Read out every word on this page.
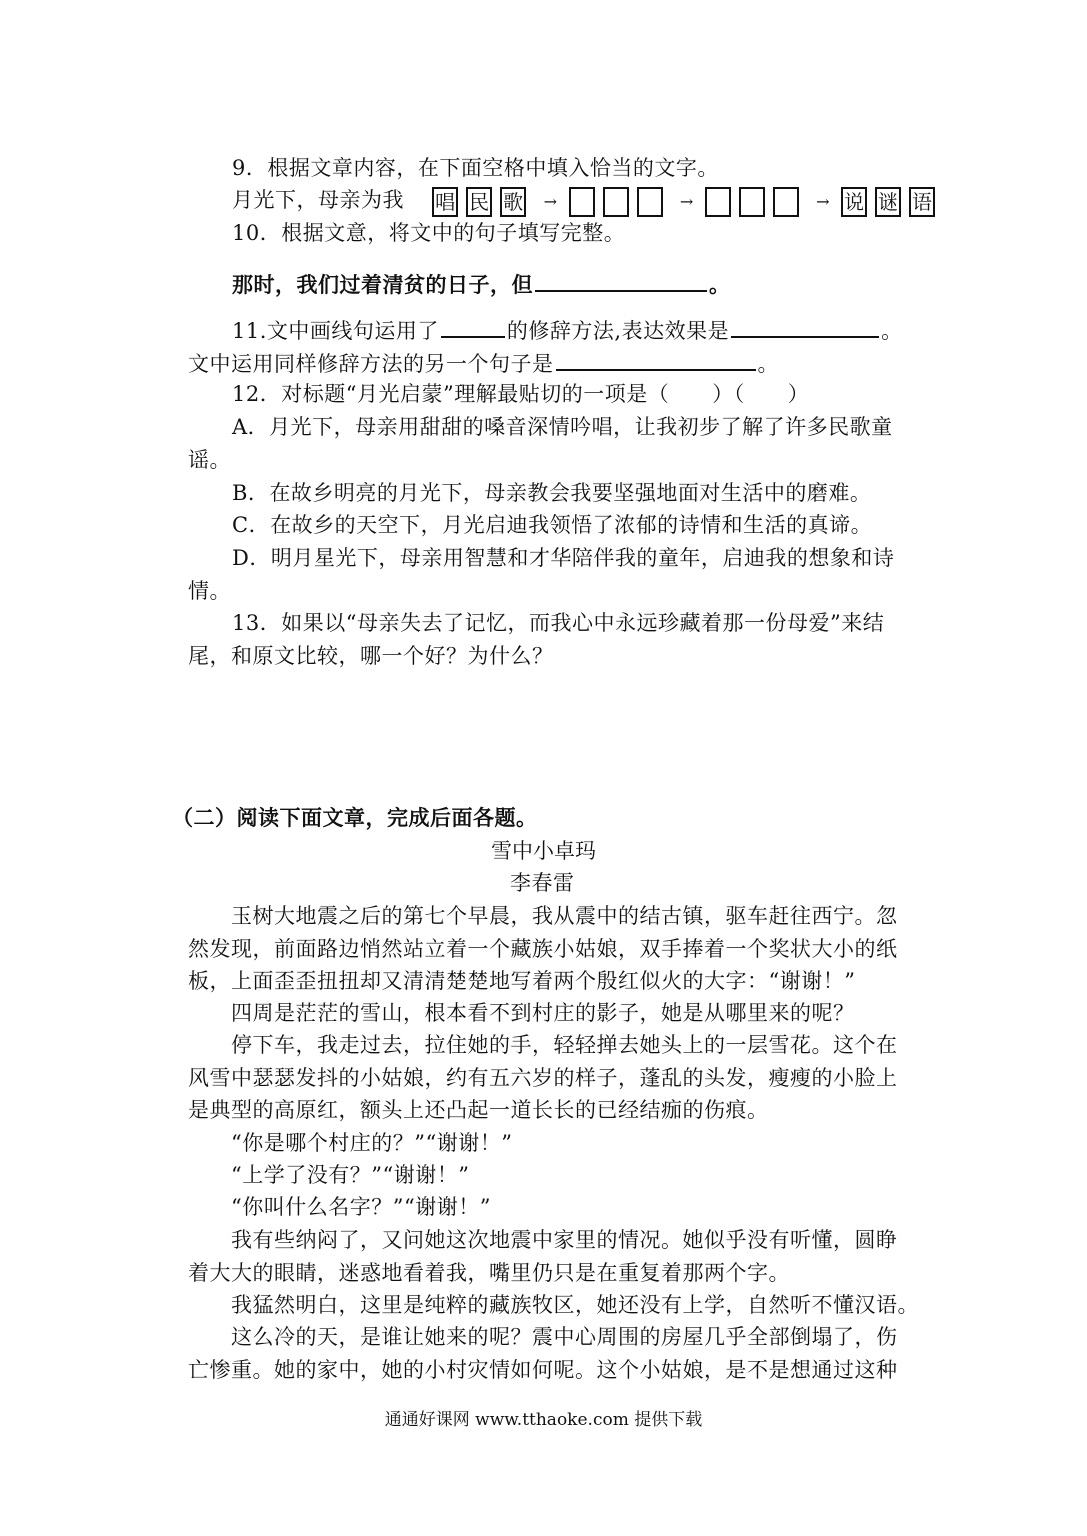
9．根据文章内容，在下面空格中填入恰当的文字。
月光下，母亲为我 唱 民 歌 →	→	→ 说 谜 语
10．根据文意，将文中的句子填写完整。
那时，我们过着清贫的日子，但	。
11.文中画线句运用了	的修辞方法,表达效果是	。
文中运用同样修辞方法的另一个句子是	。
12．对标题“月光启蒙”理解最贴切的一项是（　　）（　　）
A．月光下，母亲用甜甜的嗓音深情吟唱，让我初步了解了许多民歌童
谣。
B．在故乡明亮的月光下，母亲教会我要坚强地面对生活中的磨难。
C．在故乡的天空下，月光启迪我领悟了浓郁的诗情和生活的真谛。
D．明月星光下，母亲用智慧和才华陪伴我的童年，启迪我的想象和诗
情。
13．如果以“母亲失去了记忆，而我心中永远珍藏着那一份母爱”来结
尾，和原文比较，哪一个好？为什么？
（二）阅读下面文章，完成后面各题。
雪中小卓玛
李春雷
　　玉树大地震之后的第七个早晨，我从震中的结古镇，驱车赶往西宁。忽
然发现，前面路边悄然站立着一个藏族小姑娘，双手捧着一个奖状大小的纸
板，上面歪歪扭扭却又清清楚楚地写着两个殷红似火的大字：“谢谢！”
　　四周是茫茫的雪山，根本看不到村庄的影子，她是从哪里来的呢？
　　停下车，我走过去，拉住她的手，轻轻掸去她头上的一层雪花。这个在
风雪中瑟瑟发抖的小姑娘，约有五六岁的样子，蓬乱的头发，瘦瘦的小脸上
是典型的高原红，额头上还凸起一道长长的已经结痂的伤痕。
　　“你是哪个村庄的？”“谢谢！”
　　“上学了没有？”“谢谢！”
　　“你叫什么名字？”“谢谢！”
　　我有些纳闷了，又问她这次地震中家里的情况。她似乎没有听懂，圆睁
着大大的眼睛，迷惑地看着我，嘴里仍只是在重复着那两个字。
　　我猛然明白，这里是纯粹的藏族牧区，她还没有上学，自然听不懂汉语。
　　这么冷的天，是谁让她来的呢？震中心周围的房屋几乎全部倒塌了，伤
亡惨重。她的家中，她的小村灾情如何呢。这个小姑娘，是不是想通过这种
通通好课网 www.tthaoke.com 提供下载
